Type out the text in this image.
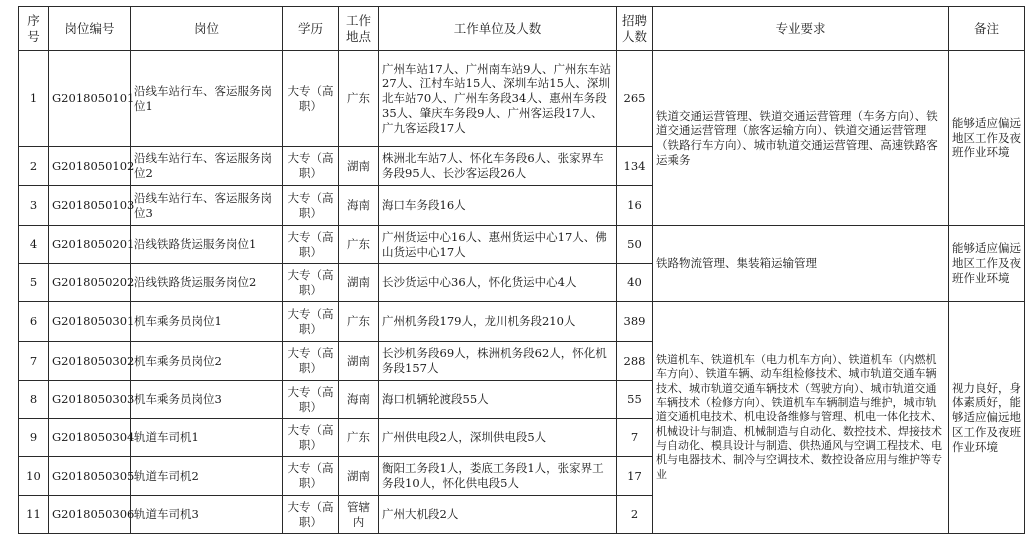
序号	岗位编号	岗位	学历	工作地点	工作单位及人数	招聘人数	专业要求	备注
1	G2018050101	沿线车站行车、客运服务岗位1	大专（高职）	广东	广州车站17人、广州南车站9人、广州东车站27人、江村车站15人、深圳车站15人、深圳北车站70人、广州车务段34人、惠州车务段35人、肇庆车务段9人、广州客运段17人、广九客运段17人	265	铁道交通运营管理、铁道交通运营管理（车务方向）、铁道交通运营管理（旅客运输方向）、铁道交通运营管理（铁路行车方向）、城市轨道交通运营管理、高速铁路客运乘务	能够适应偏远地区工作及夜班作业环境
2	G2018050102	沿线车站行车、客运服务岗位2	大专（高职）	湖南	株洲北车站7人、怀化车务段6人、张家界车务段95人、长沙客运段26人	134		
3	G2018050103	沿线车站行车、客运服务岗位3	大专（高职）	海南	海口车务段16人	16		
4	G2018050201	沿线铁路货运服务岗位1	大专（高职）	广东	广州货运中心16人、惠州货运中心17人、佛山货运中心17人	50	铁路物流管理、集装箱运输管理	能够适应偏远地区工作及夜班作业环境
5	G2018050202	沿线铁路货运服务岗位2	大专（高职）	湖南	长沙货运中心36人，怀化货运中心4人	40		
6	G2018050301	机车乘务员岗位1	大专（高职）	广东	广州机务段179人，龙川机务段210人	389	铁道机车、铁道机车（电力机车方向）、铁道机车（内燃机车方向）、铁道车辆、动车组检修技术、城市轨道交通车辆技术、城市轨道交通车辆技术（驾驶方向）、城市轨道交通车辆技术（检修方向）、铁道机车车辆制造与维护，城市轨道交通机电技术、机电设备维修与管理、机电一体化技术、机械设计与制造、机械制造与自动化、数控技术、焊接技术与自动化、模具设计与制造、供热通风与空调工程技术、电机与电器技术、制冷与空调技术、数控设备应用与维护等专业	视力良好，身体素质好，能够适应偏远地区工作及夜班作业环境
7	G2018050302	机车乘务员岗位2	大专（高职）	湖南	长沙机务段69人，株洲机务段62人，怀化机务段157人	288		
8	G2018050303	机车乘务员岗位3	大专（高职）	海南	海口机辆轮渡段55人	55		
9	G2018050304	轨道车司机1	大专（高职）	广东	广州供电段2人，深圳供电段5人	7		
10	G2018050305	轨道车司机2	大专（高职）	湖南	衡阳工务段1人，娄底工务段1人，张家界工务段10人，怀化供电段5人	17		
11	G2018050306	轨道车司机3	大专（高职）	管辖内	广州大机段2人	2		
